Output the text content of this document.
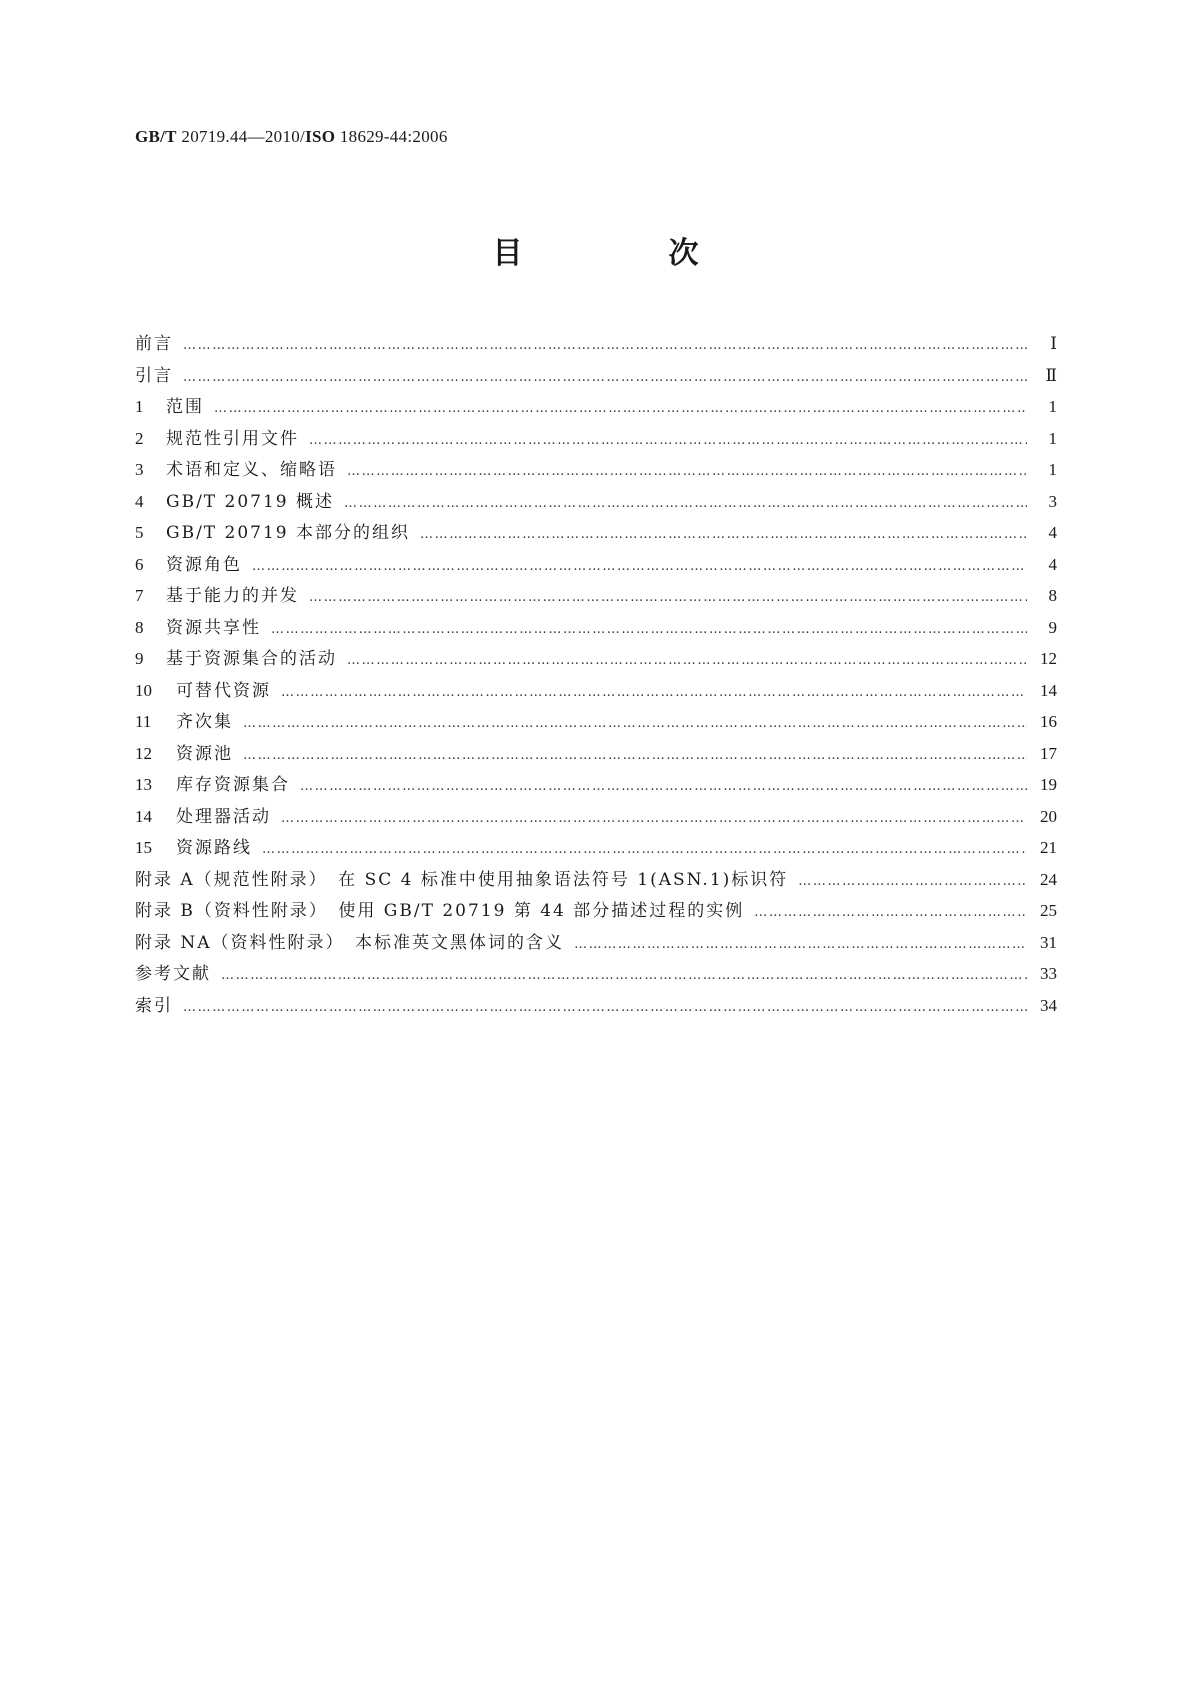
GB/T 20719.44—2010/ISO 18629-44:2006
目　次
前言 ……………………………………………………………………………………………………………………………………………………………………………………………………………………………………………………………………………………	Ⅰ
引言 ……………………………………………………………………………………………………………………………………………………………………………………………………………………………………………………………………………………	Ⅱ
1	范围 ……………………………………………………………………………………………………………………………………………………………………………………………………………………………………………………………………………………	1
2	规范性引用文件 ……………………………………………………………………………………………………………………………………………………………………………………………………………………………………………………………………………………	1
3	术语和定义、缩略语 ……………………………………………………………………………………………………………………………………………………………………………………………………………………………………………………………………………………	1
4	GB/T 20719 概述 ……………………………………………………………………………………………………………………………………………………………………………………………………………………………………………………………………………………	3
5	GB/T 20719 本部分的组织 ……………………………………………………………………………………………………………………………………………………………………………………………………………………………………………………………………………………	4
6	资源角色 ……………………………………………………………………………………………………………………………………………………………………………………………………………………………………………………………………………………	4
7	基于能力的并发 ……………………………………………………………………………………………………………………………………………………………………………………………………………………………………………………………………………………	8
8	资源共享性 ……………………………………………………………………………………………………………………………………………………………………………………………………………………………………………………………………………………	9
9	基于资源集合的活动 ……………………………………………………………………………………………………………………………………………………………………………………………………………………………………………………………………………………	12
10	可替代资源 ……………………………………………………………………………………………………………………………………………………………………………………………………………………………………………………………………………………	14
11	齐次集 ……………………………………………………………………………………………………………………………………………………………………………………………………………………………………………………………………………………	16
12	资源池 ……………………………………………………………………………………………………………………………………………………………………………………………………………………………………………………………………………………	17
13	库存资源集合 ……………………………………………………………………………………………………………………………………………………………………………………………………………………………………………………………………………………	19
14	处理器活动 ……………………………………………………………………………………………………………………………………………………………………………………………………………………………………………………………………………………	20
15	资源路线 ……………………………………………………………………………………………………………………………………………………………………………………………………………………………………………………………………………………	21
附录 A（规范性附录）　在 SC 4 标准中使用抽象语法符号 1(ASN.1)标识符 ……………………………………………………………………………………………………………………………………………………………………………………………………………………………………………………………………………………	24
附录 B（资料性附录）　使用 GB/T 20719 第 44 部分描述过程的实例 ……………………………………………………………………………………………………………………………………………………………………………………………………………………………………………………………………………………	25
附录 NA（资料性附录）　本标准英文黑体词的含义 ……………………………………………………………………………………………………………………………………………………………………………………………………………………………………………………………………………………	31
参考文献 ……………………………………………………………………………………………………………………………………………………………………………………………………………………………………………………………………………………	33
索引 ……………………………………………………………………………………………………………………………………………………………………………………………………………………………………………………………………………………	34
